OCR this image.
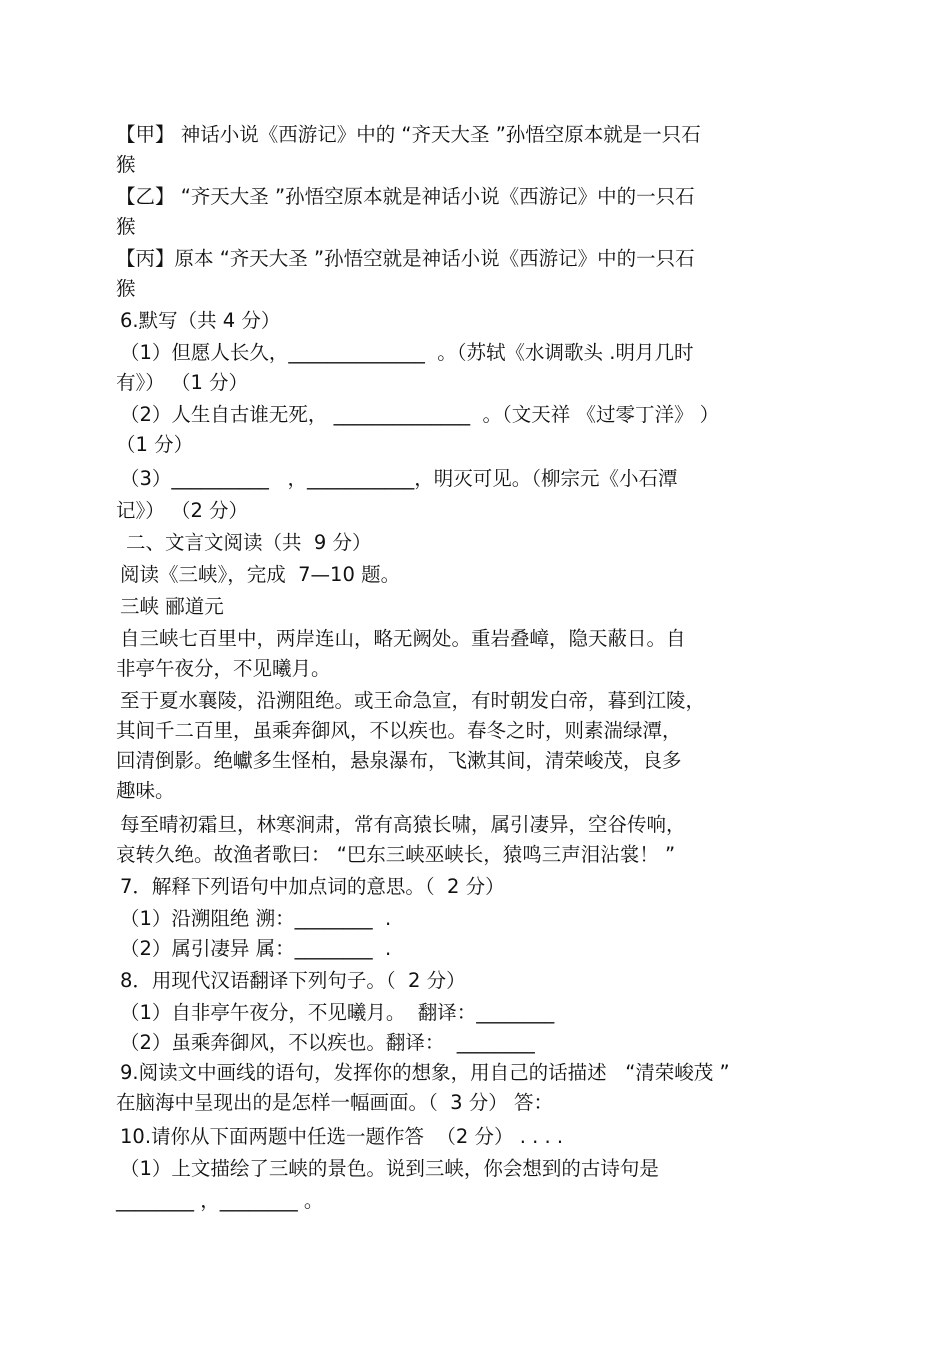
【甲】 神话小说《西游记》中的 “齐天大圣 ”孙悟空原本就是一只石
猴
【乙】 “齐天大圣 ”孙悟空原本就是神话小说《西游记》中的一只石
猴
【丙】原本 “齐天大圣 ”孙悟空就是神话小说《西游记》中的一只石
猴
6.默写（共 4 分）
（1）但愿人长久，______________  。（苏轼《水调歌头 .明月几时
有》） （1 分）
（2）人生自古谁无死， ______________  。（文天祥 《过零丁洋》 ）
（1 分）
（3）__________   ，___________，明灭可见。（柳宗元《小石潭
记》） （2 分）
二、文言文阅读（共  9 分）
阅读《三峡》，完成  7—10 题。
三峡 郦道元
自三峡七百里中，两岸连山，略无阙处。重岩叠嶂，隐天蔽日。自
非亭午夜分，不见曦月。
至于夏水襄陵，沿溯阻绝。或王命急宣，有时朝发白帝，暮到江陵，
其间千二百里，虽乘奔御风，不以疾也。春冬之时，则素湍绿潭，
回清倒影。绝巘多生怪柏，悬泉瀑布，飞漱其间，清荣峻茂，良多
趣味。
每至晴初霜旦，林寒涧肃，常有高猿长啸，属引凄异，空谷传响，
哀转久绝。故渔者歌曰： “巴东三峡巫峡长，猿鸣三声泪沾裳！ ”
7．解释下列语句中加点词的意思。（  2 分）
（1）沿溯阻绝 溯：________  .
（2）属引凄异 属：________  .
8．用现代汉语翻译下列句子。（  2 分）
（1）自非亭午夜分，不见曦月。  翻译：________
（2）虽乘奔御风，不以疾也。翻译：  ________
9.阅读文中画线的语句，发挥你的想象，用自己的话描述   “清荣峻茂 ”
在脑海中呈现出的是怎样一幅画面。（  3 分） 答：
10.请你从下面两题中任选一题作答  （2 分） . . . .
（1）上文描绘了三峡的景色。说到三峡，你会想到的古诗句是
________ ，________ 。
